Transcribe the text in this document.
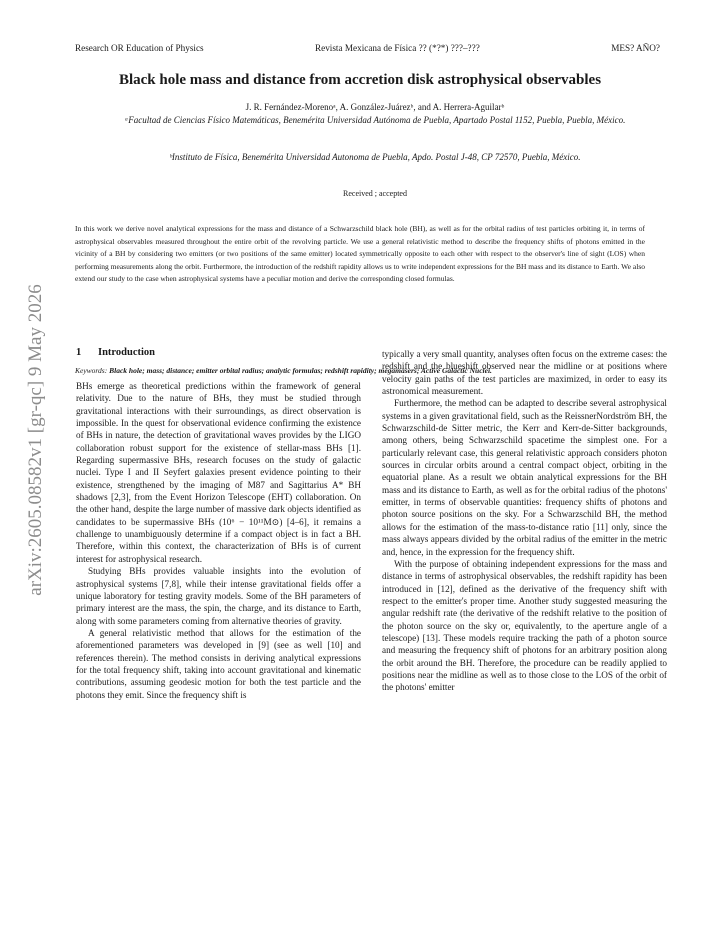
Research OR Education of Physics	Revista Mexicana de Física ?? (*?*) ???–???	MES? AÑO?
Black hole mass and distance from accretion disk astrophysical observables
J. R. Fernández-Morenoᵃ, A. González-Juárezᵇ, and A. Herrera-Aguilarᵇ
ᵃFacultad de Ciencias Físico Matemáticas, Benemérita Universidad Autónoma de Puebla, Apartado Postal 1152, Puebla, Puebla, México.
ᵇInstituto de Física, Benemérita Universidad Autonoma de Puebla, Apdo. Postal J-48, CP 72570, Puebla, México.
Received ; accepted
In this work we derive novel analytical expressions for the mass and distance of a Schwarzschild black hole (BH), as well as for the orbital radius of test particles orbiting it, in terms of astrophysical observables measured throughout the entire orbit of the revolving particle. We use a general relativistic method to describe the frequency shifts of photons emitted in the vicinity of a BH by considering two emitters (or two positions of the same emitter) located symmetrically opposite to each other with respect to the observer's line of sight (LOS) when performing measurements along the orbit. Furthermore, the introduction of the redshift rapidity allows us to write independent expressions for the BH mass and its distance to Earth. We also extend our study to the case when astrophysical systems have a peculiar motion and derive the corresponding closed formulas.
Keywords: Black hole; mass; distance; emitter orbital radius; analytic formulas; redshift rapidity; megamasers; Active Galactic Nuclei.
arXiv:2605.08582v1 [gr-qc] 9 May 2026	1 Introduction

BHs emerge as theoretical predictions within the framework of general relativity. Due to the nature of BHs, they must be studied through gravitational interactions with their surroundings, as direct observation is impossible. In the quest for observational evidence confirming the existence of BHs in nature, the detection of gravitational waves provides by the LIGO collaboration robust support for the existence of stellar-mass BHs [1]. Regarding supermassive BHs, research focuses on the study of galactic nuclei. Type I and II Seyfert galaxies present evidence pointing to their existence, strengthened by the imaging of M87 and Sagittarius A* BH shadows [2,3], from the Event Horizon Telescope (EHT) collaboration. On the other hand, despite the large number of massive dark objects identified as candidates to be supermassive BHs (10⁶ − 10¹¹M⊙) [4–6], it remains a challenge to unambiguously determine if a compact object is in fact a BH. Therefore, within this context, the characterization of BHs is of current interest for astrophysical research.

Studying BHs provides valuable insights into the evolution of astrophysical systems [7,8], while their intense gravitational fields offer a unique laboratory for testing gravity models. Some of the BH parameters of primary interest are the mass, the spin, the charge, and its distance to Earth, along with some parameters coming from alternative theories of gravity.

A general relativistic method that allows for the estimation of the aforementioned parameters was developed in [9] (see as well [10] and references therein). The method consists in deriving analytical expressions for the total frequency shift, taking into account gravitational and kinematic contributions, assuming geodesic motion for both the test particle and the photons they emit. Since the frequency shift is

typically a very small quantity, analyses often focus on the extreme cases: the redshift and the blueshift observed near the midline or at positions where velocity gain paths of the test particles are maximized, in order to easy its astronomical measurement.

Furthermore, the method can be adapted to describe several astrophysical systems in a given gravitational field, such as the ReissnerNordström BH, the Schwarzschild-de Sitter metric, the Kerr and Kerr-de-Sitter backgrounds, among others, being Schwarzschild spacetime the simplest one. For a particularly relevant case, this general relativistic approach considers photon sources in circular orbits around a central compact object, orbiting in the equatorial plane. As a result we obtain analytical expressions for the BH mass and its distance to Earth, as well as for the orbital radius of the photons' emitter, in terms of observable quantities: frequency shifts of photons and photon source positions on the sky. For a Schwarzschild BH, the method allows for the estimation of the mass-to-distance ratio [11] only, since the mass always appears divided by the orbital radius of the emitter in the metric and, hence, in the expression for the frequency shift.

With the purpose of obtaining independent expressions for the mass and distance in terms of astrophysical observables, the redshift rapidity has been introduced in [12], defined as the derivative of the frequency shift with respect to the emitter's proper time. Another study suggested measuring the angular redshift rate (the derivative of the redshift relative to the position of the photon source on the sky or, equivalently, to the aperture angle of a telescope) [13]. These models require tracking the path of a photon source and measuring the frequency shift of photons for an arbitrary position along the orbit around the BH. Therefore, the procedure can be readily applied to positions near the midline as well as to those close to the LOS of the orbit of the photons' emitter
